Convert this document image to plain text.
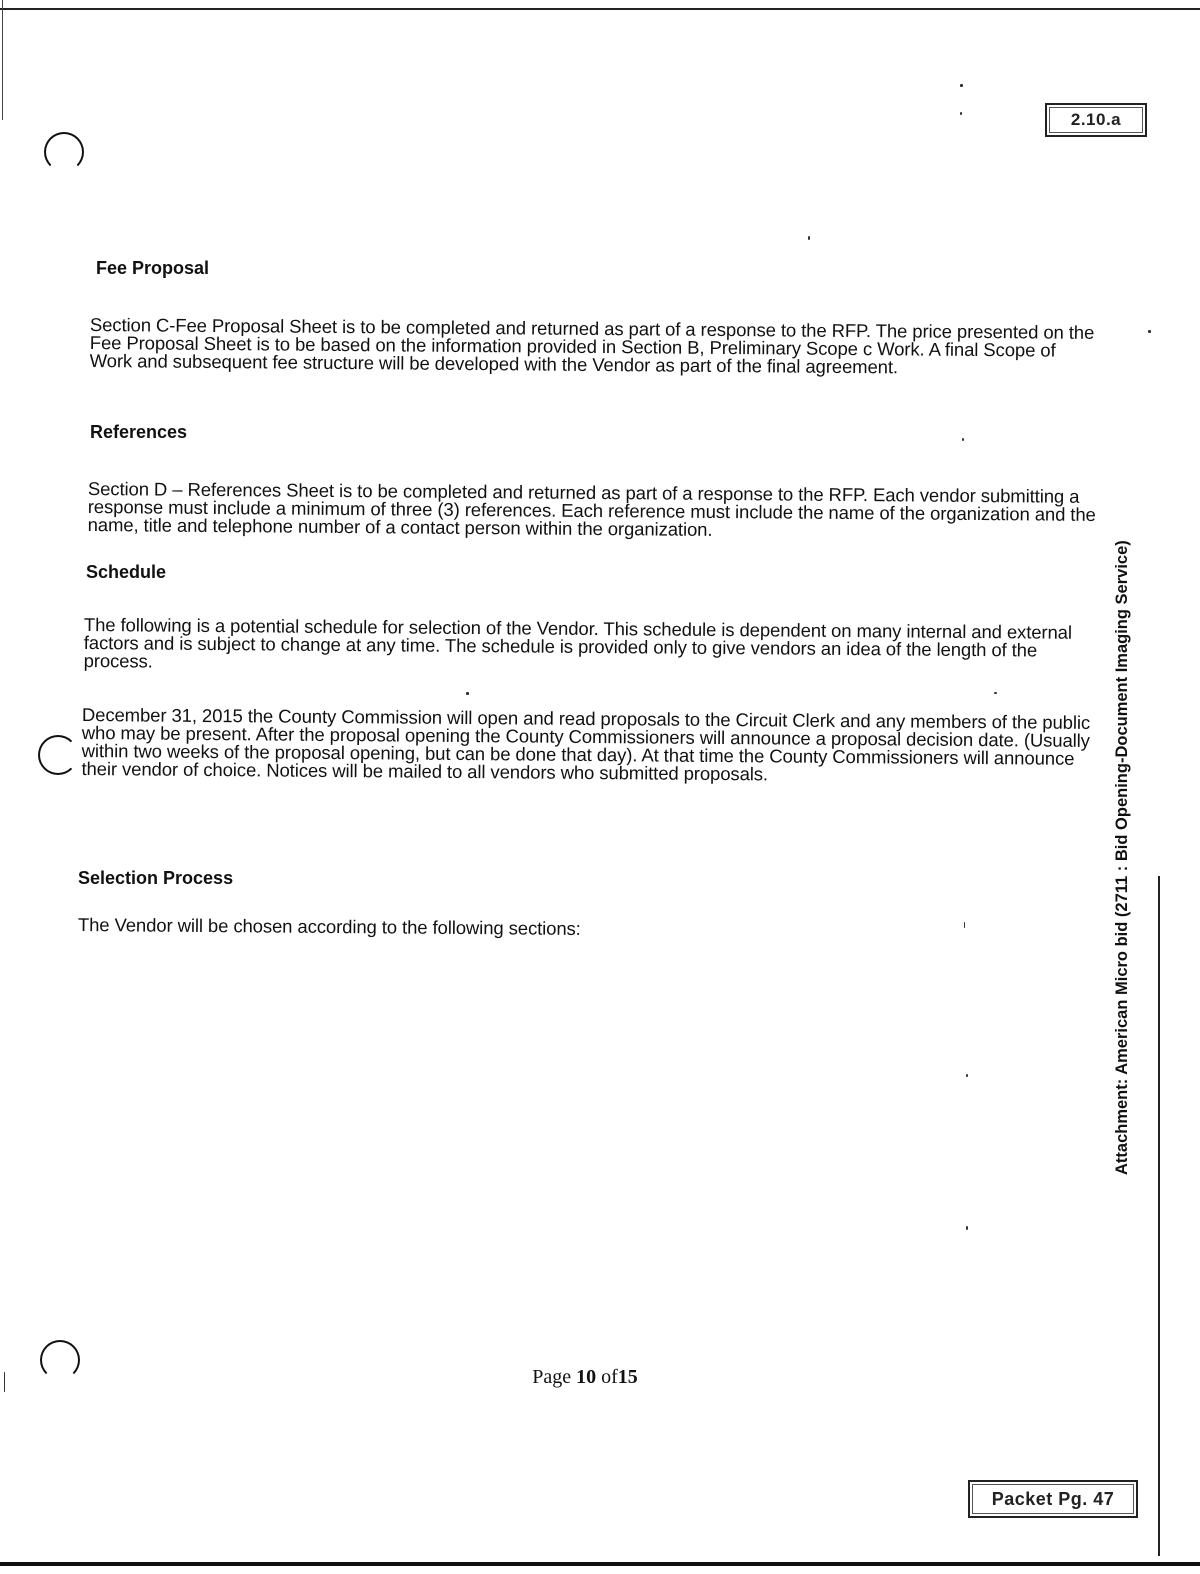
2.10.a
Fee Proposal

Section C-Fee Proposal Sheet is to be completed and returned as part of a response to the RFP. The price presented on the Fee Proposal Sheet is to be based on the information provided in Section B, Preliminary Scope c Work. A final Scope of Work and subsequent fee structure will be developed with the Vendor as part of the final agreement.

References

Section D – References Sheet is to be completed and returned as part of a response to the RFP. Each vendor submitting a response must include a minimum of three (3) references. Each reference must include the name of the organization and the name, title and telephone number of a contact person within the organization.

Schedule

The following is a potential schedule for selection of the Vendor. This schedule is dependent on many internal and external factors and is subject to change at any time. The schedule is provided only to give vendors an idea of the length of the process.

December 31, 2015 the County Commission will open and read proposals to the Circuit Clerk and any members of the public who may be present. After the proposal opening the County Commissioners will announce a proposal decision date. (Usually within two weeks of the proposal opening, but can be done that day). At that time the County Commissioners will announce their vendor of choice. Notices will be mailed to all vendors who submitted proposals.

Selection Process

The Vendor will be chosen according to the following sections:

Page 10 of15
Packet Pg. 47
Attachment: American Micro bid (2711 : Bid Opening-Document Imaging Service)
